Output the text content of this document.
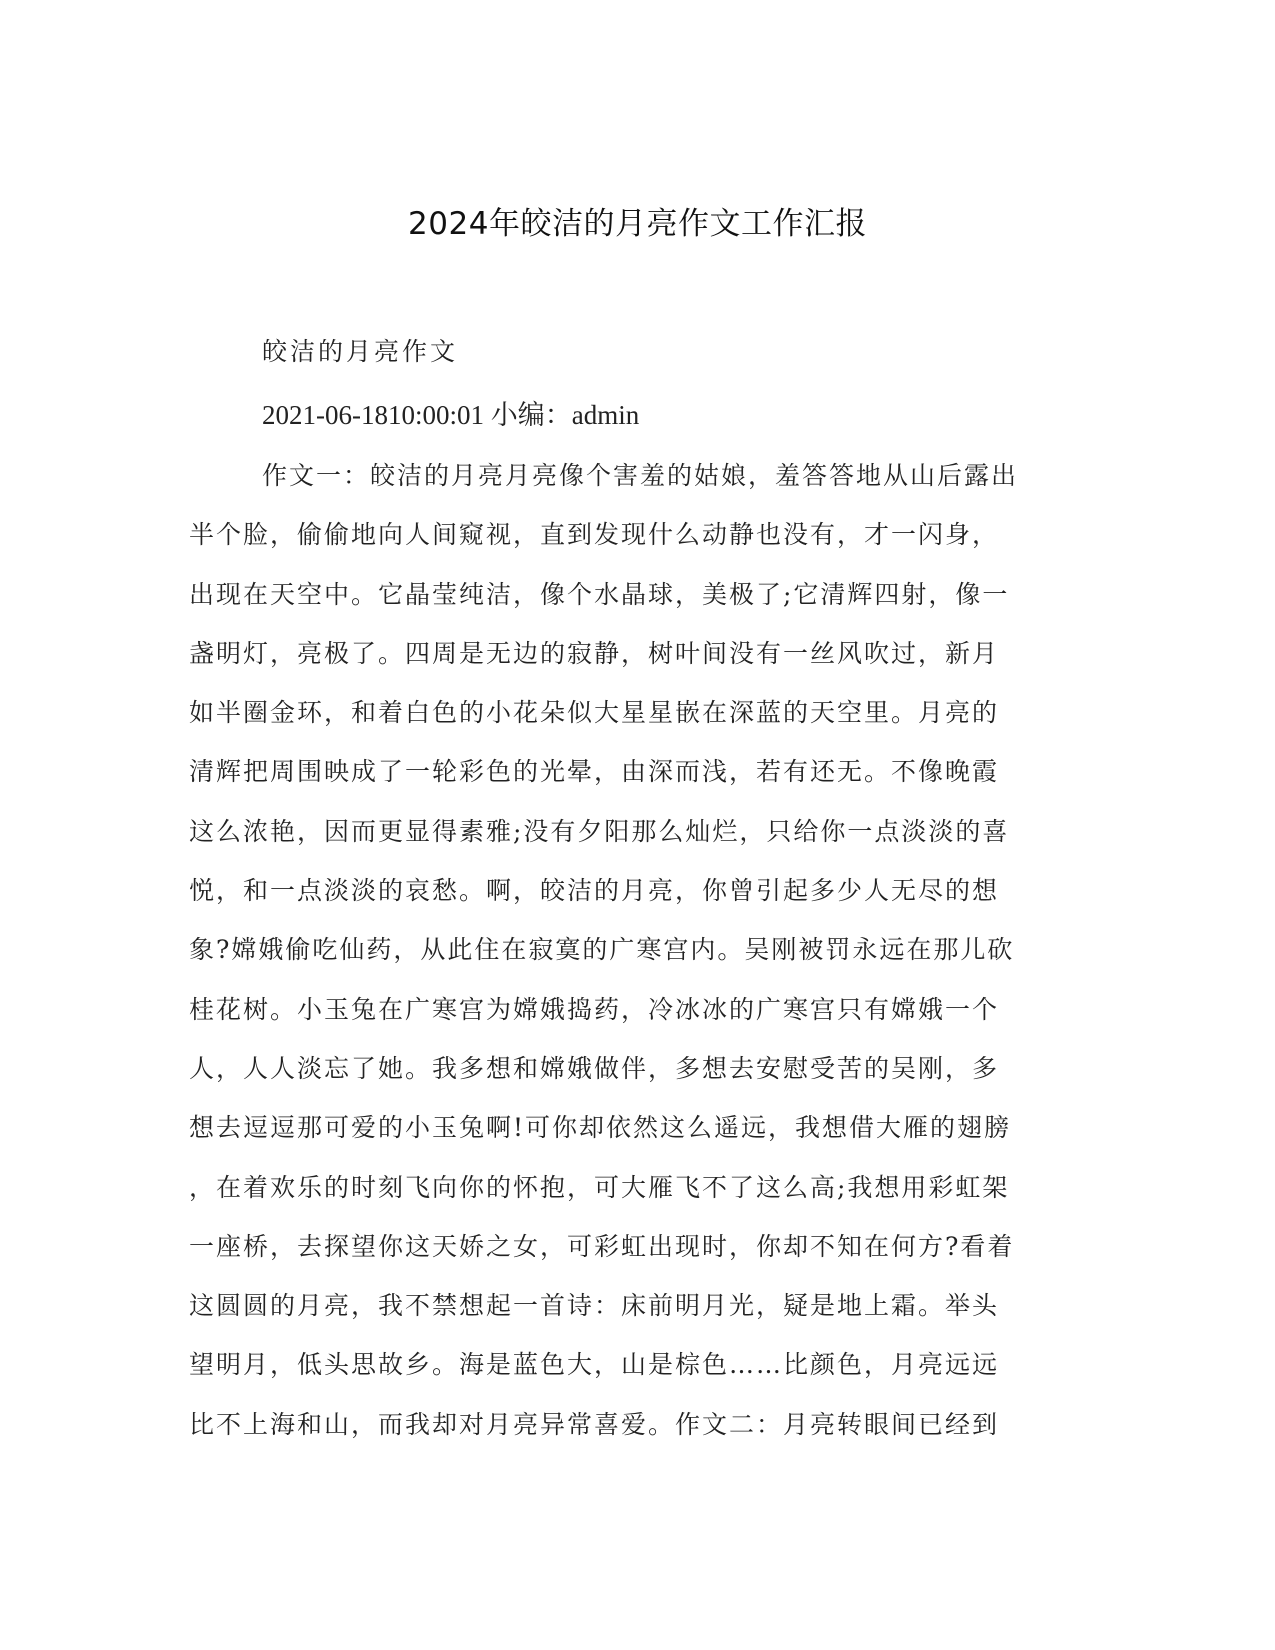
2024年皎洁的月亮作文工作汇报
皎洁的月亮作文
2021-06-1810:00:01 小编：admin
作文一：皎洁的月亮月亮像个害羞的姑娘，羞答答地从山后露出
半个脸，偷偷地向人间窥视，直到发现什么动静也没有，才一闪身，
出现在天空中。它晶莹纯洁，像个水晶球，美极了;它清辉四射，像一
盏明灯，亮极了。四周是无边的寂静，树叶间没有一丝风吹过，新月
如半圈金环，和着白色的小花朵似大星星嵌在深蓝的天空里。月亮的
清辉把周围映成了一轮彩色的光晕，由深而浅，若有还无。不像晚霞
这么浓艳，因而更显得素雅;没有夕阳那么灿烂，只给你一点淡淡的喜
悦，和一点淡淡的哀愁。啊，皎洁的月亮，你曾引起多少人无尽的想
象?嫦娥偷吃仙药，从此住在寂寞的广寒宫内。吴刚被罚永远在那儿砍
桂花树。小玉兔在广寒宫为嫦娥捣药，冷冰冰的广寒宫只有嫦娥一个
人，人人淡忘了她。我多想和嫦娥做伴，多想去安慰受苦的吴刚，多
想去逗逗那可爱的小玉兔啊!可你却依然这么遥远，我想借大雁的翅膀
，在着欢乐的时刻飞向你的怀抱，可大雁飞不了这么高;我想用彩虹架
一座桥，去探望你这天娇之女，可彩虹出现时，你却不知在何方?看着
这圆圆的月亮，我不禁想起一首诗：床前明月光，疑是地上霜。举头
望明月，低头思故乡。海是蓝色大，山是棕色……比颜色，月亮远远
比不上海和山，而我却对月亮异常喜爱。作文二：月亮转眼间已经到
